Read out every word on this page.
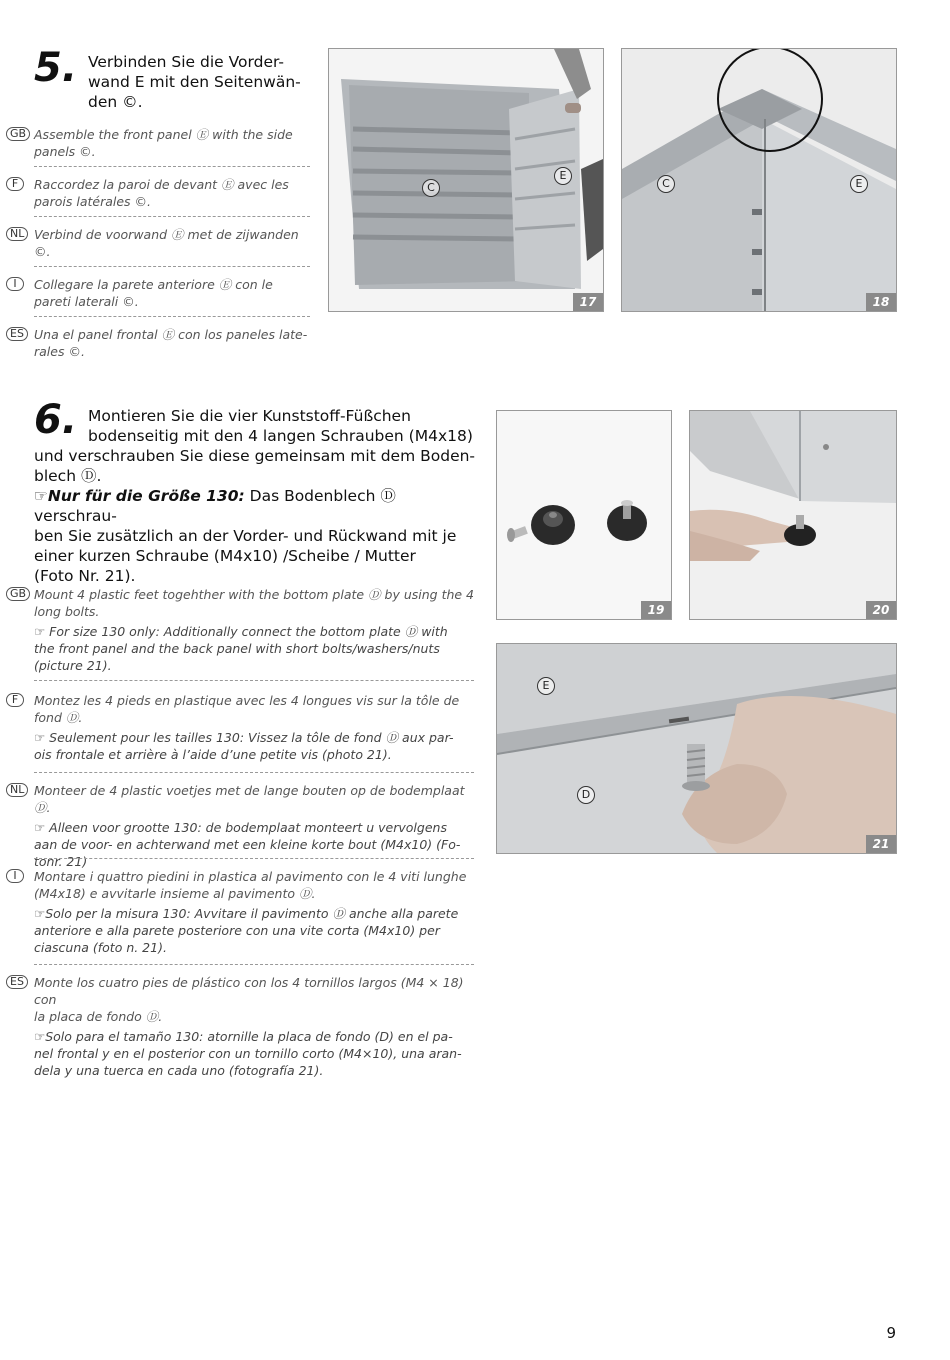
5. Verbinden Sie die Vorder-
wand E mit den Seitenwän-
den ©.
GB Assemble the front panel Ⓔ with the side
panels ©.
F	Raccordez la paroi de devant Ⓔ avec les
parois latérales ©.
NL Verbind de voorwand Ⓔ met de zijwanden
©.
I	Collegare la parete anteriore Ⓔ con le
pareti laterali ©.
ES Una el panel frontal Ⓔ con los paneles late-
rales ©.
C
E
17
C	E
18
6. Montieren Sie die vier Kunststoff-Füßchen
bodenseitig mit den 4 langen Schrauben (M4x18)
und verschrauben Sie diese gemeinsam mit dem Boden-
blech Ⓓ.
☞Nur für die Größe 130: Das Bodenblech Ⓓ verschrau-
ben Sie zusätzlich an der Vorder- und Rückwand mit je
einer kurzen Schraube (M4x10) /Scheibe / Mutter
(Foto Nr. 21).
GB Mount 4 plastic feet togehther with the bottom plate Ⓓ by using the 4
long bolts.
☞ For size 130 only: Additionally connect the bottom plate Ⓓ with
the front panel and the back panel with short bolts/washers/nuts
(picture 21).
F	Montez les 4 pieds en plastique avec les 4 longues vis sur la tôle de
fond Ⓓ.
☞ Seulement pour les tailles 130: Vissez la tôle de fond Ⓓ aux par-
ois frontale et arrière à l’aide d’une petite vis (photo 21).
NL Monteer de 4 plastic voetjes met de lange bouten op de bodemplaat Ⓓ.
☞ Alleen voor grootte 130: de bodemplaat monteert u vervolgens
aan de voor- en achterwand met een kleine korte bout (M4x10) (Fo-
tonr. 21)
I	Montare i quattro piedini in plastica al pavimento con le 4 viti lunghe
(M4x18) e avvitarle insieme al pavimento Ⓓ.
☞Solo per la misura 130: Avvitare il pavimento Ⓓ anche alla parete
anteriore e alla parete posteriore con una vite corta (M4x10) per
ciascuna (foto n. 21).
ES Monte los cuatro pies de plástico con los 4 tornillos largos (M4 × 18) con
la placa de fondo Ⓓ.
☞Solo para el tamaño 130: atornille la placa de fondo (D) en el pa-
nel frontal y en el posterior con un tornillo corto (M4×10), una aran-
dela y una tuerca en cada uno (fotografía 21).
19	20
E
D
21
9
